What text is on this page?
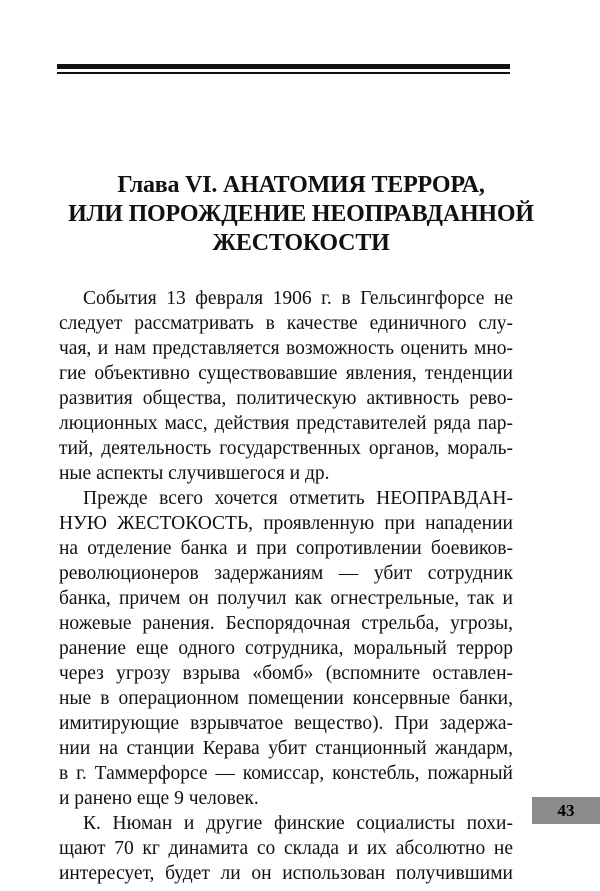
Глава VI. АНАТОМИЯ ТЕРРОРА,
ИЛИ ПОРОЖДЕНИЕ НЕОПРАВДАННОЙ
ЖЕСТОКОСТИ

События 13 февраля 1906 г. в Гельсингфорсе не
следует рассматривать в качестве единичного слу-
чая, и нам представляется возможность оценить мно-
гие объективно существовавшие явления, тенденции
развития общества, политическую активность рево-
люционных масс, действия представителей ряда пар-
тий, деятельность государственных органов, мораль-
ные аспекты случившегося и др.

Прежде всего хочется отметить НЕОПРАВДАН-
НУЮ ЖЕСТОКОСТЬ, проявленную при нападении
на отделение банка и при сопротивлении боевиков-
революционеров задержаниям — убит сотрудник
банка, причем он получил как огнестрельные, так и
ножевые ранения. Беспорядочная стрельба, угрозы,
ранение еще одного сотрудника, моральный террор
через угрозу взрыва «бомб» (вспомните оставлен-
ные в операционном помещении консервные банки,
имитирующие взрывчатое вещество). При задержа-
нии на станции Керава убит станционный жандарм,
в г. Таммерфорсе — комиссар, констебль, пожарный
и ранено еще 9 человек.

К. Нюман и другие финские социалисты похи-
щают 70 кг динамита со склада и их абсолютно не
интересует, будет ли он использован получившими

43
